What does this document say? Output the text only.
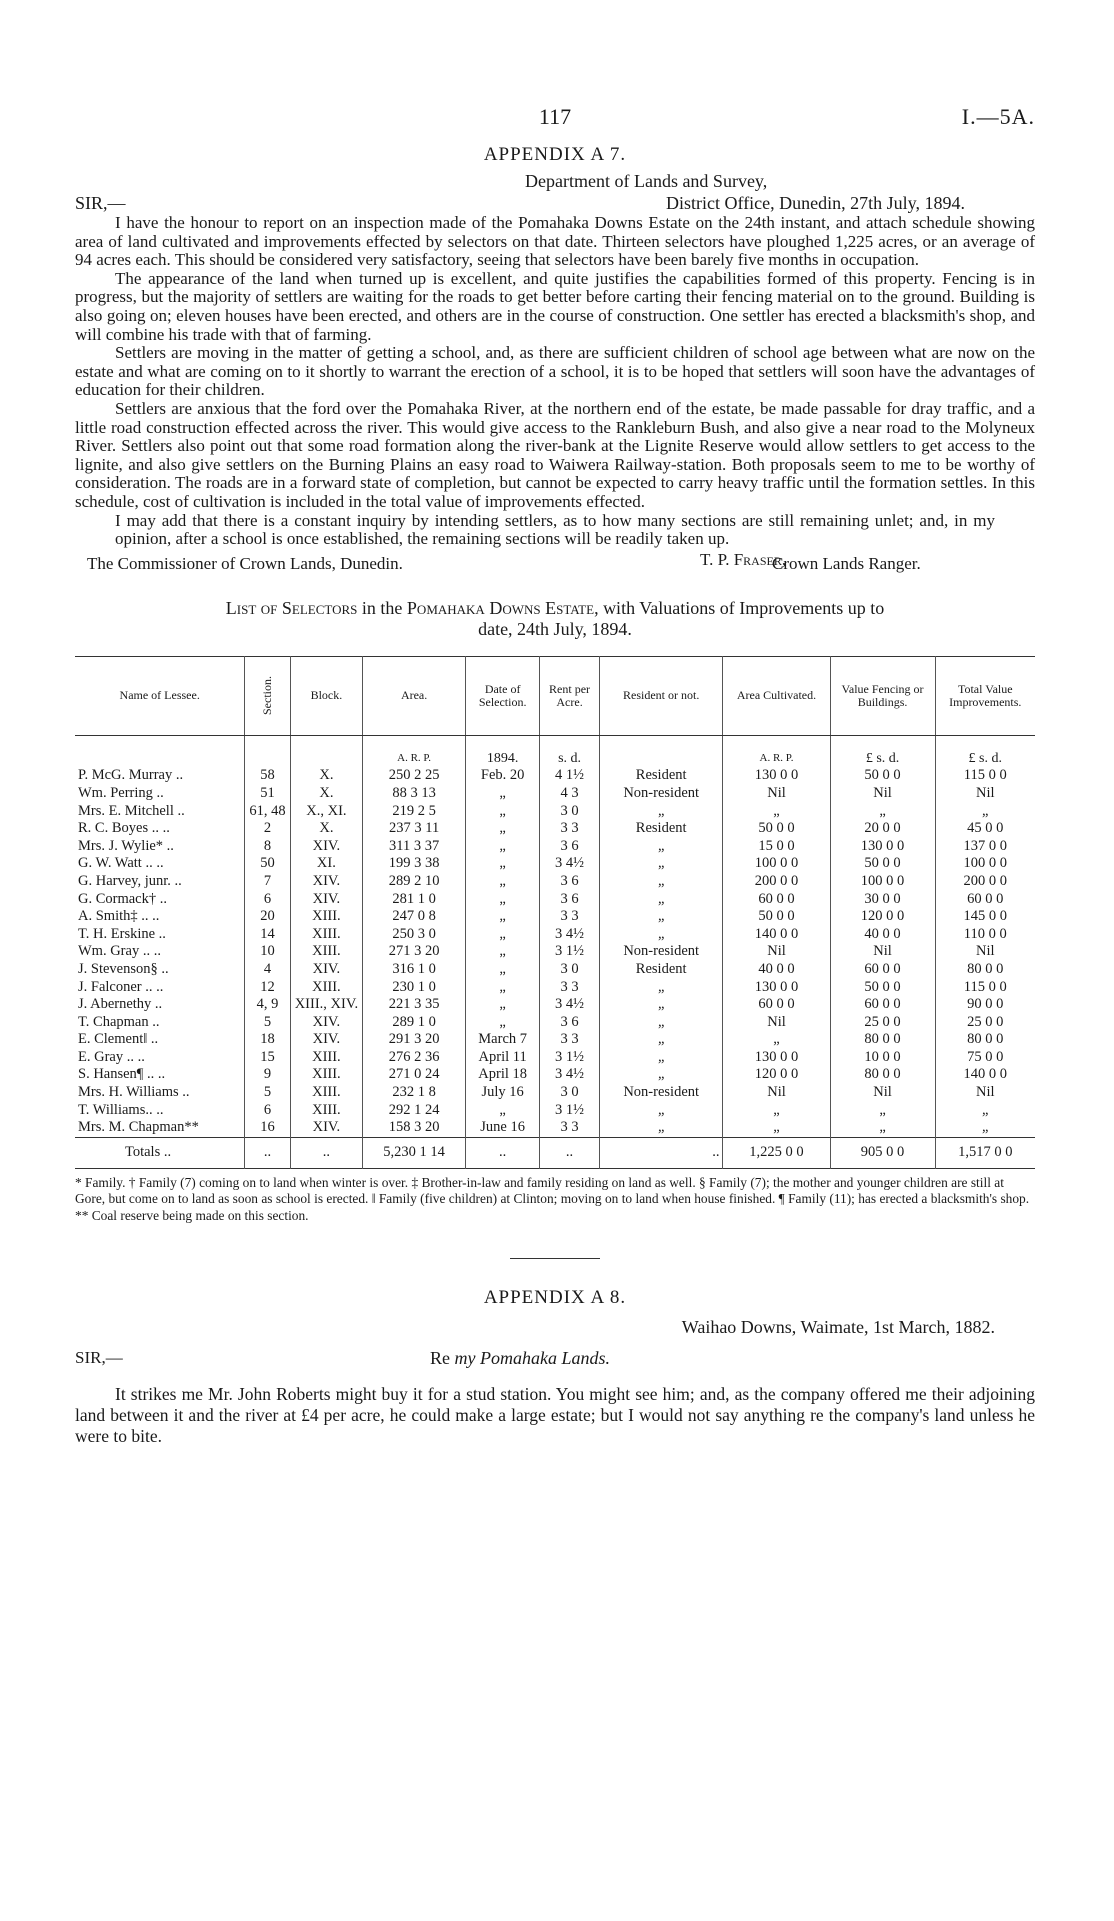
117	I.—5A.
APPENDIX A 7.
Department of Lands and Survey,
SIR,—	District Office, Dunedin, 27th July, 1894.

I have the honour to report on an inspection made of the Pomahaka Downs Estate on the 24th instant, and attach schedule showing area of land cultivated and improvements effected by selectors on that date. Thirteen selectors have ploughed 1,225 acres, or an average of 94 acres each. This should be considered very satisfactory, seeing that selectors have been barely five months in occupation.

The appearance of the land when turned up is excellent, and quite justifies the capabilities formed of this property. Fencing is in progress, but the majority of settlers are waiting for the roads to get better before carting their fencing material on to the ground. Building is also going on; eleven houses have been erected, and others are in the course of construction. One settler has erected a blacksmith's shop, and will combine his trade with that of farming.

Settlers are moving in the matter of getting a school, and, as there are sufficient children of school age between what are now on the estate and what are coming on to it shortly to warrant the erection of a school, it is to be hoped that settlers will soon have the advantages of education for their children.

Settlers are anxious that the ford over the Pomahaka River, at the northern end of the estate, be made passable for dray traffic, and a little road construction effected across the river. This would give access to the Rankleburn Bush, and also give a near road to the Molyneux River. Settlers also point out that some road formation along the river-bank at the Lignite Reserve would allow settlers to get access to the lignite, and also give settlers on the Burning Plains an easy road to Waiwera Railway-station. Both proposals seem to me to be worthy of consideration. The roads are in a forward state of completion, but cannot be expected to carry heavy traffic until the formation settles. In this schedule, cost of cultivation is included in the total value of improvements effected.

I may add that there is a constant inquiry by intending settlers, as to how many sections are still remaining unlet; and, in my opinion, after a school is once established, the remaining sections will be readily taken up.

T. P. Fraser,
The Commissioner of Crown Lands, Dunedin.	Crown Lands Ranger.
List of Selectors in the Pomahaka Downs Estate, with Valuations of Improvements up to
date, 24th July, 1894.
Name of Lessee.	Section.	Block.	Area.	Date of Selection.	Rent per Acre.	Resident or not.	Area Cultivated.	Value Fencing or Buildings.	Total Value Improvements.
			A. R. P.	1894.	s. d.		A. R. P.	£ s. d.	£ s. d.
P. McG. Murray ..	58	X.	250 2 25	Feb. 20	4 1½	Resident	130 0 0	50 0 0	115 0 0
Wm. Perring ..	51	X.	88 3 13	„	4 3	Non-resident	Nil	Nil	Nil
Mrs. E. Mitchell ..	61, 48	X., XI.	219 2 5	„	3 0	„	„	„	„
R. C. Boyes .. ..	2	X.	237 3 11	„	3 3	Resident	50 0 0	20 0 0	45 0 0
Mrs. J. Wylie* ..	8	XIV.	311 3 37	„	3 6	„	15 0 0	130 0 0	137 0 0
G. W. Watt .. ..	50	XI.	199 3 38	„	3 4½	„	100 0 0	50 0 0	100 0 0
G. Harvey, junr. ..	7	XIV.	289 2 10	„	3 6	„	200 0 0	100 0 0	200 0 0
G. Cormack† ..	6	XIV.	281 1 0	„	3 6	„	60 0 0	30 0 0	60 0 0
A. Smith‡ .. ..	20	XIII.	247 0 8	„	3 3	„	50 0 0	120 0 0	145 0 0
T. H. Erskine ..	14	XIII.	250 3 0	„	3 4½	„	140 0 0	40 0 0	110 0 0
Wm. Gray .. ..	10	XIII.	271 3 20	„	3 1½	Non-resident	Nil	Nil	Nil
J. Stevenson§ ..	4	XIV.	316 1 0	„	3 0	Resident	40 0 0	60 0 0	80 0 0
J. Falconer .. ..	12	XIII.	230 1 0	„	3 3	„	130 0 0	50 0 0	115 0 0
J. Abernethy ..	4, 9	XIII., XIV.	221 3 35	„	3 4½	„	60 0 0	60 0 0	90 0 0
T. Chapman ..	5	XIV.	289 1 0	„	3 6	„	Nil	25 0 0	25 0 0
E. Clement‖ ..	18	XIV.	291 3 20	March 7	3 3	„	„	80 0 0	80 0 0
E. Gray .. ..	15	XIII.	276 2 36	April 11	3 1½	„	130 0 0	10 0 0	75 0 0
S. Hansen¶ .. ..	9	XIII.	271 0 24	April 18	3 4½	„	120 0 0	80 0 0	140 0 0
Mrs. H. Williams ..	5	XIII.	232 1 8	July 16	3 0	Non-resident	Nil	Nil	Nil
T. Williams.. ..	6	XIII.	292 1 24	„	3 1½	„	„	„	„
Mrs. M. Chapman**	16	XIV.	158 3 20	June 16	3 3	„	„	„	„
Totals ..	..	..	5,230 1 14	..	..	..	1,225 0 0	905 0 0	1,517 0 0
* Family. † Family (7) coming on to land when winter is over. ‡ Brother-in-law and family residing on land as well. § Family (7); the mother and younger children are still at Gore, but come on to land as soon as school is erected. ‖ Family (five children) at Clinton; moving on to land when house finished. ¶ Family (11); has erected a blacksmith's shop. ** Coal reserve being made on this section.
APPENDIX A 8.
Waihao Downs, Waimate, 1st March, 1882.
SIR,—	Re my Pomahaka Lands.

It strikes me Mr. John Roberts might buy it for a stud station. You might see him; and, as the company offered me their adjoining land between it and the river at £4 per acre, he could make a large estate; but I would not say anything re the company's land unless he were to bite.
